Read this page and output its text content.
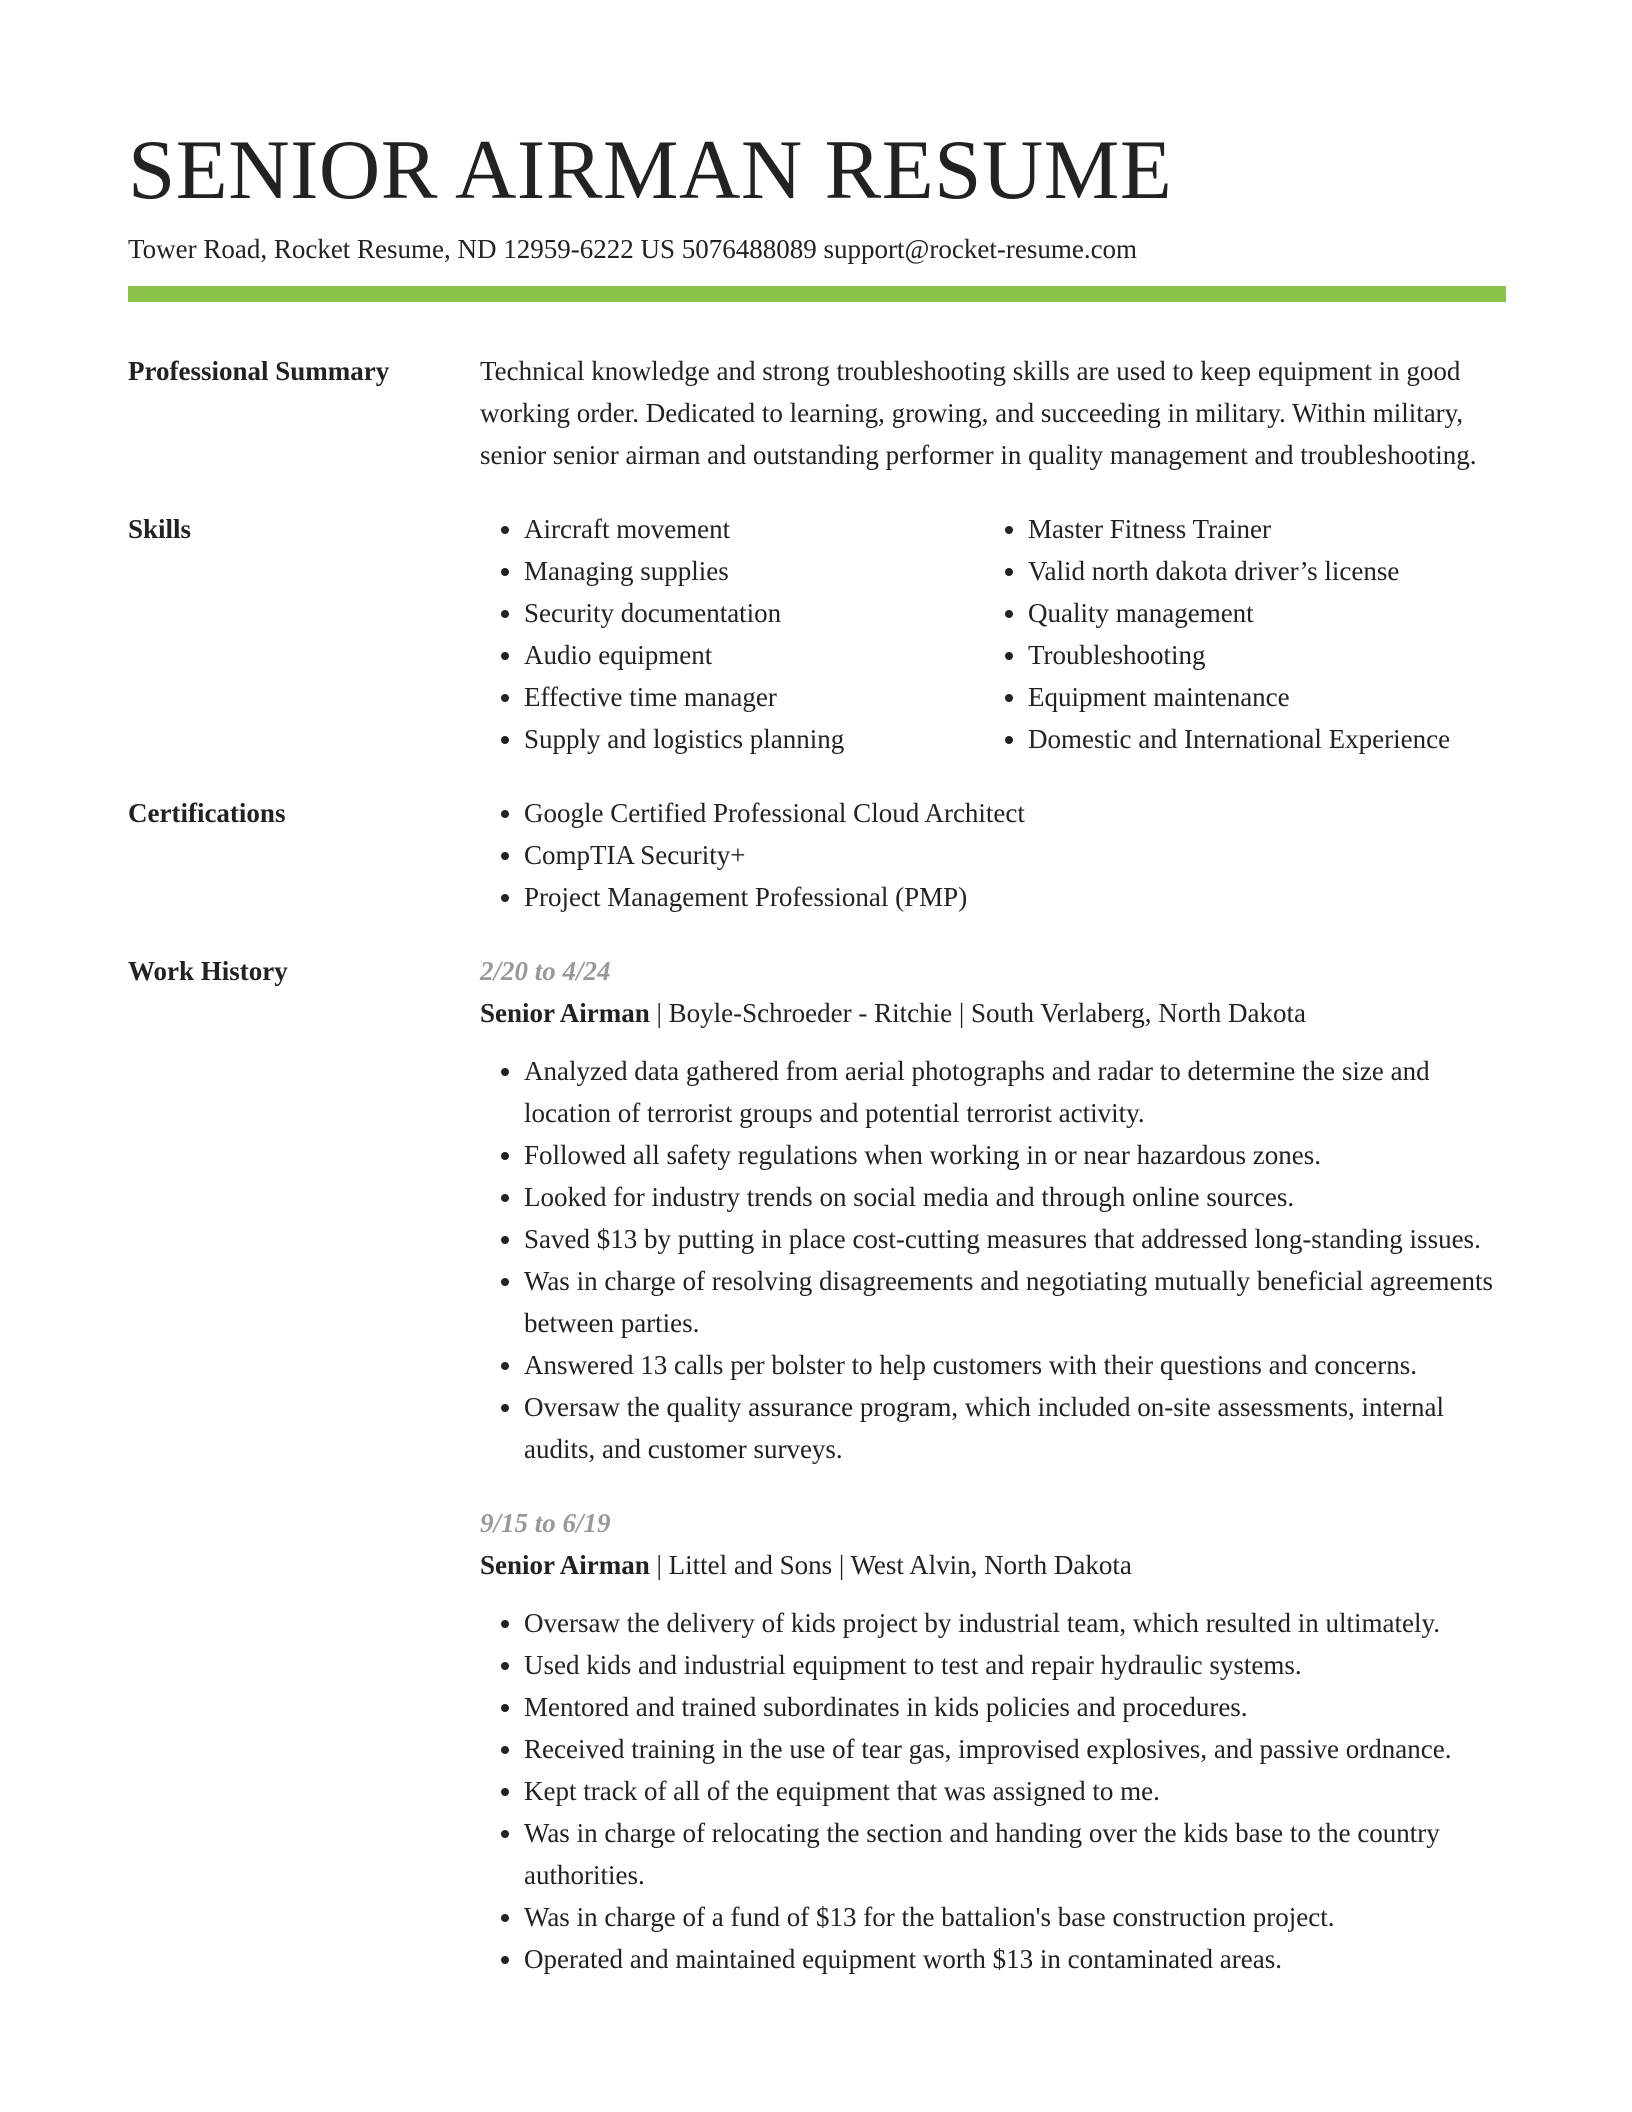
SENIOR AIRMAN RESUME
Tower Road, Rocket Resume, ND 12959-6222 US 5076488089 support@rocket-resume.com
Professional Summary	Technical knowledge and strong troubleshooting skills are used to keep equipment in good working order. Dedicated to learning, growing, and succeeding in military. Within military, senior senior airman and outstanding performer in quality management and troubleshooting.

Skills	• Aircraft movement
• Managing supplies
• Security documentation
• Audio equipment
• Effective time manager
• Supply and logistics planning
• Master Fitness Trainer
• Valid north dakota driver’s license
• Quality management
• Troubleshooting
• Equipment maintenance
• Domestic and International Experience
Certifications	• Google Certified Professional Cloud Architect
• CompTIA Security+
• Project Management Professional (PMP)
Work History	2/20 to 4/24
Senior Airman | Boyle-Schroeder - Ritchie | South Verlaberg, North Dakota
• Analyzed data gathered from aerial photographs and radar to determine the size and location of terrorist groups and potential terrorist activity.
• Followed all safety regulations when working in or near hazardous zones.
• Looked for industry trends on social media and through online sources.
• Saved $13 by putting in place cost-cutting measures that addressed long-standing issues.
• Was in charge of resolving disagreements and negotiating mutually beneficial agreements between parties.
• Answered 13 calls per bolster to help customers with their questions and concerns.
• Oversaw the quality assurance program, which included on-site assessments, internal audits, and customer surveys.
9/15 to 6/19
Senior Airman | Littel and Sons | West Alvin, North Dakota
• Oversaw the delivery of kids project by industrial team, which resulted in ultimately.
• Used kids and industrial equipment to test and repair hydraulic systems.
• Mentored and trained subordinates in kids policies and procedures.
• Received training in the use of tear gas, improvised explosives, and passive ordnance.
• Kept track of all of the equipment that was assigned to me.
• Was in charge of relocating the section and handing over the kids base to the country authorities.
• Was in charge of a fund of $13 for the battalion's base construction project.
• Operated and maintained equipment worth $13 in contaminated areas.
